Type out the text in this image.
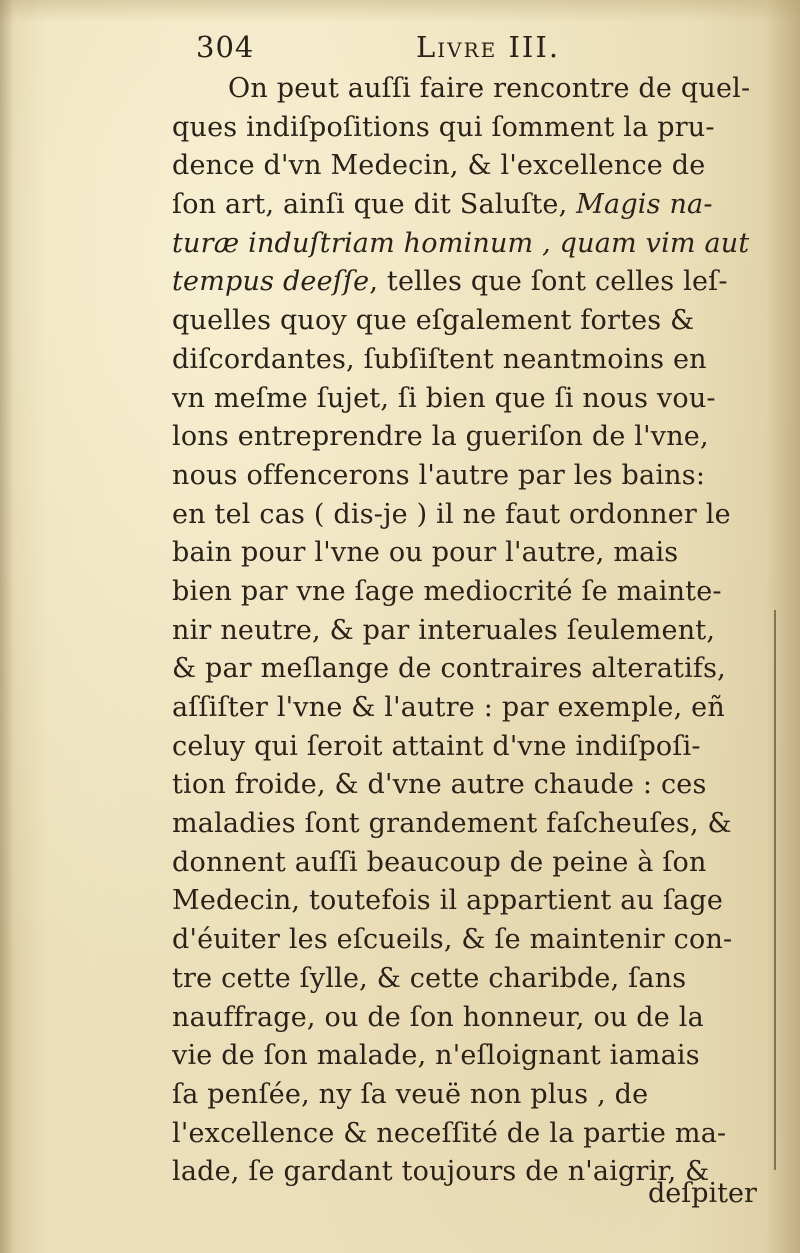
304	Livre III.
On peut auſſi faire rencontre de quel-
ques indiſpoſitions qui ſomment la pru-
dence d'vn Medecin, & l'excellence de
ſon art, ainſi que dit Saluſte, Magis na-
turæ induſtriam hominum , quam vim aut
tempus deeſſe, telles que ſont celles leſ-
quelles quoy que eſgalement fortes &
diſcordantes, ſubſiſtent neantmoins en
vn meſme ſujet, ſi bien que ſi nous vou-
lons entreprendre la gueriſon de l'vne,
nous offencerons l'autre par les bains:
en tel cas ( dis-je ) il ne faut ordonner le
bain pour l'vne ou pour l'autre, mais
bien par vne ſage mediocrité ſe mainte-
nir neutre, & par interuales ſeulement,
& par meſlange de contraires alteratifs,
aſſiſter l'vne & l'autre : par exemple, eñ
celuy qui ſeroit attaint d'vne indiſpoſi-
tion froide, & d'vne autre chaude : ces
maladies ſont grandement faſcheuſes, &
donnent auſſi beaucoup de peine à ſon
Medecin, toutefois il appartient au ſage
d'éuiter les eſcueils, & ſe maintenir con-
tre cette ſylle, & cette charibde, ſans
nauffrage, ou de ſon honneur, ou de la
vie de ſon malade, n'eſloignant iamais
ſa penſée, ny ſa veuë non plus , de
l'excellence & neceſſité de la partie ma-
lade, ſe gardant toujours de n'aigrir, &
deſpiter
